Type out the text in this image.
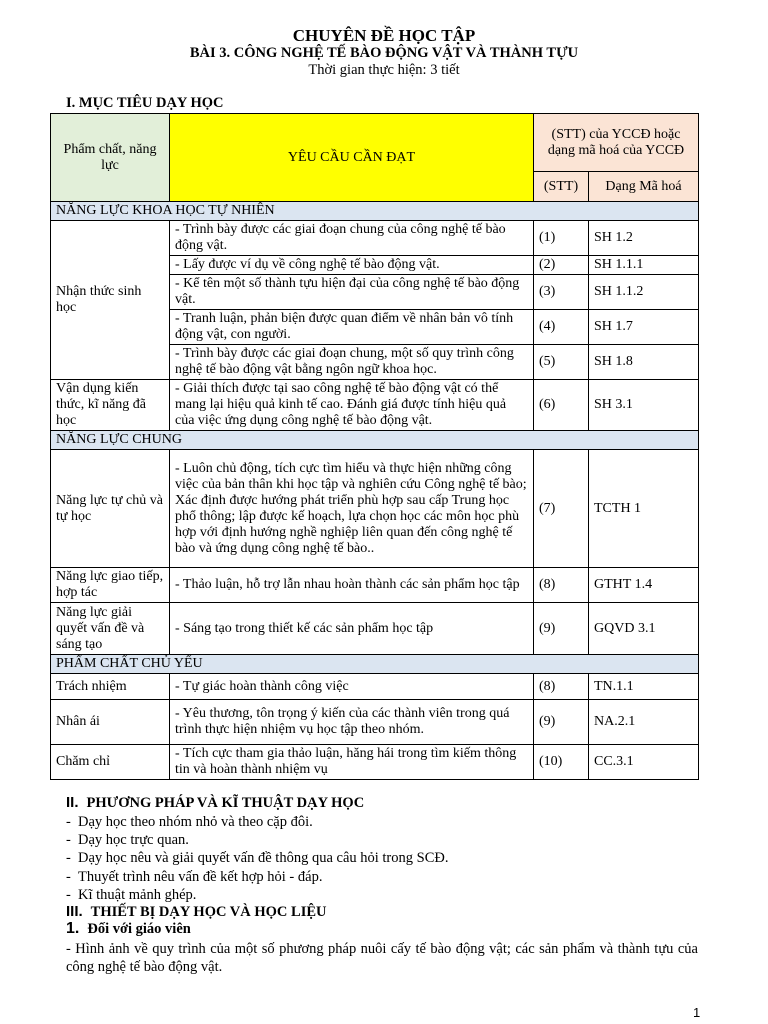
CHUYÊN ĐỀ HỌC TẬP
BÀI 3. CÔNG NGHỆ TẾ BÀO ĐỘNG VẬT VÀ THÀNH TỰU
Thời gian thực hiện: 3 tiết
I. MỤC TIÊU DẠY HỌC
Phẩm chất, năng lực	YÊU CẦU CẦN ĐẠT	(STT) của YCCĐ hoặc dạng mã hoá của YCCĐ	
		(STT)	Dạng Mã hoá
NĂNG LỰC KHOA HỌC TỰ NHIÊN			
Nhận thức sinh học	- Trình bày được các giai đoạn chung của công nghệ tế bào động vật.	(1)	SH 1.2
	- Lấy được ví dụ về công nghệ tế bào động vật.	(2)	SH 1.1.1
	- Kể tên một số thành tựu hiện đại của công nghệ tế bào động vật.	(3)	SH 1.1.2
	- Tranh luận, phản biện được quan điểm về nhân bản vô tính động vật, con người.	(4)	SH 1.7
	- Trình bày được các giai đoạn chung, một số quy trình công nghệ tế bào động vật bằng ngôn ngữ khoa học.	(5)	SH 1.8
Vận dụng kiến thức, kĩ năng đã học	- Giải thích được tại sao công nghệ tế bào động vật có thể mang lại hiệu quả kinh tế cao. Đánh giá được tính hiệu quả của việc ứng dụng công nghệ tế bào động vật.	(6)	SH 3.1
NĂNG LỰC CHUNG			
Năng lực tự chủ và tự học	- Luôn chủ động, tích cực tìm hiểu và thực hiện những công việc của bản thân khi học tập và nghiên cứu Công nghệ tế bào; Xác định được hướng phát triển phù hợp sau cấp Trung học phổ thông; lập được kế hoạch, lựa chọn học các môn học phù hợp với định hướng nghề nghiệp liên quan đến công nghệ tế bào và ứng dụng công nghệ tế bào..	(7)	TCTH 1
Năng lực giao tiếp, hợp tác	- Thảo luận, hỗ trợ lẫn nhau hoàn thành các sản phẩm học tập	(8)	GTHT 1.4
Năng lực giải quyết vấn đề và sáng tạo	- Sáng tạo trong thiết kế các sản phẩm học tập	(9)	GQVD 3.1
PHẨM CHẤT CHỦ YẾU			
Trách nhiệm	- Tự giác hoàn thành công việc	(8)	TN.1.1
Nhân ái	- Yêu thương, tôn trọng ý kiến của các thành viên trong quá trình thực hiện nhiệm vụ học tập theo nhóm.	(9)	NA.2.1
Chăm chỉ	- Tích cực tham gia thảo luận, hăng hái trong tìm kiếm thông tin và hoàn thành nhiệm vụ	(10)	CC.3.1
II. PHƯƠNG PHÁP VÀ KĨ THUẬT DẠY HỌC
- Dạy học theo nhóm nhỏ và theo cặp đôi.
- Dạy học trực quan.
- Dạy học nêu và giải quyết vấn đề thông qua câu hỏi trong SCĐ.
- Thuyết trình nêu vấn đề kết hợp hỏi - đáp.
- Kĩ thuật mảnh ghép.
III. THIẾT BỊ DẠY HỌC VÀ HỌC LIỆU
1. Đối với giáo viên
- Hình ảnh về quy trình của một số phương pháp nuôi cấy tế bào động vật; các sản phẩm và thành tựu của công nghệ tế bào động vật.
1
